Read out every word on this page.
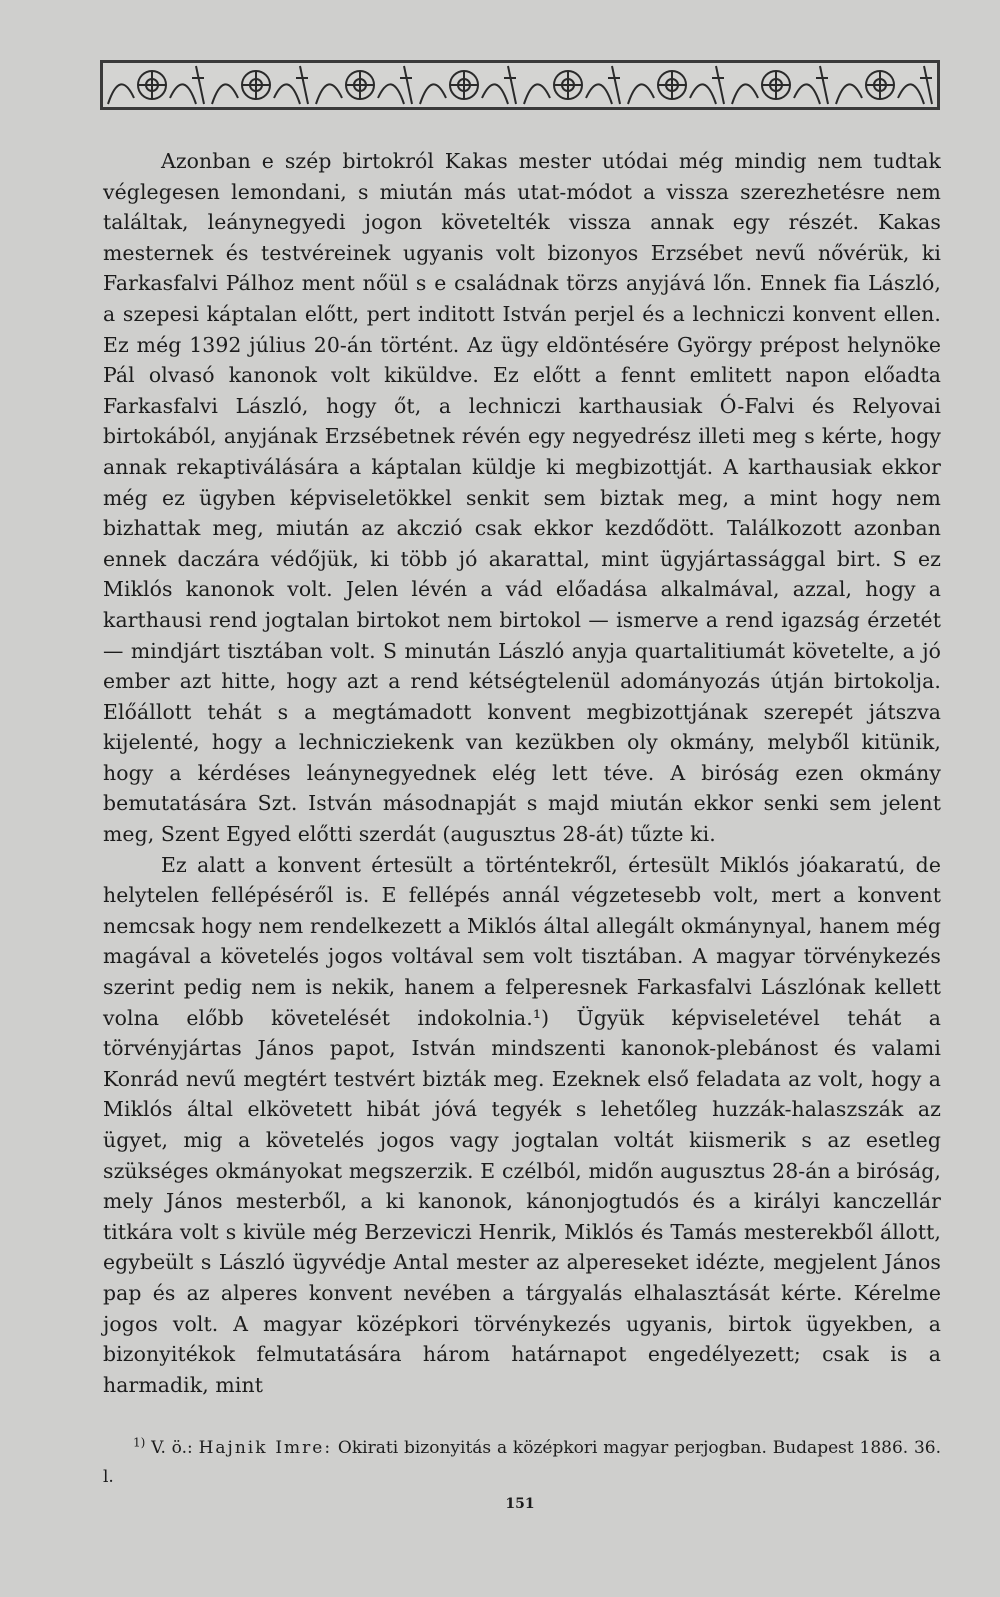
Azonban e szép birtokról Kakas mester utódai még mindig nem tudtak véglegesen lemondani, s miután más utat-módot a vissza szerezhetésre nem találtak, leánynegyedi jogon követelték vissza annak egy részét. Kakas mesternek és testvéreinek ugyanis volt bizonyos Erzsébet nevű nővérük, ki Farkasfalvi Pálhoz ment nőül s e családnak törzs anyjává lőn. Ennek fia László, a szepesi káptalan előtt, pert inditott István perjel és a lechniczi konvent ellen. Ez még 1392 július 20-án történt. Az ügy eldöntésére György prépost helynöke Pál olvasó kanonok volt kiküldve. Ez előtt a fennt emlitett napon előadta Farkasfalvi László, hogy őt, a lechniczi karthausiak Ó-Falvi és Relyovai birtokából, anyjának Erzsébetnek révén egy negyedrész illeti meg s kérte, hogy annak rekaptiválására a káptalan küldje ki megbizottját. A karthausiak ekkor még ez ügyben képviseletökkel senkit sem biztak meg, a mint hogy nem bizhattak meg, miután az akczió csak ekkor kezdődött. Találkozott azonban ennek daczára védőjük, ki több jó akarattal, mint ügyjártassággal birt. S ez Miklós kanonok volt. Jelen lévén a vád előadása alkalmával, azzal, hogy a karthausi rend jogtalan birtokot nem birtokol — ismerve a rend igazság érzetét — mindjárt tisztában volt. S minután László anyja quartalitiumát követelte, a jó ember azt hitte, hogy azt a rend kétségtelenül adományozás útján birtokolja. Előállott tehát s a megtámadott konvent megbizottjának szerepét játszva kijelenté, hogy a lechnicziekenk van kezükben oly okmány, melyből kitünik, hogy a kérdéses leánynegyednek elég lett téve. A biróság ezen okmány bemutatására Szt. István másodnapját s majd miután ekkor senki sem jelent meg, Szent Egyed előtti szerdát (augusztus 28-át) tűzte ki.

Ez alatt a konvent értesült a történtekről, értesült Miklós jóakaratú, de helytelen fellépéséről is. E fellépés annál végzetesebb volt, mert a konvent nemcsak hogy nem rendelkezett a Miklós által allegált okmánynyal, hanem még magával a követelés jogos voltával sem volt tisztában. A magyar törvénykezés szerint pedig nem is nekik, hanem a felperesnek Farkasfalvi Lászlónak kellett volna előbb követelését indokolnia.¹) Ügyük képviseletével tehát a törvényjártas János papot, István mindszenti kanonok-plebánost és valami Konrád nevű megtért testvért bizták meg. Ezeknek első feladata az volt, hogy a Miklós által elkövetett hibát jóvá tegyék s lehetőleg huzzák-halaszszák az ügyet, mig a követelés jogos vagy jogtalan voltát kiismerik s az esetleg szükséges okmányokat megszerzik. E czélból, midőn augusztus 28-án a biróság, mely János mesterből, a ki kanonok, kánonjogtudós és a királyi kanczellár titkára volt s kivüle még Berzeviczi Henrik, Miklós és Tamás mesterekből állott, egybeült s László ügyvédje Antal mester az alpereseket idézte, megjelent János pap és az alperes konvent nevében a tárgyalás elhalasztását kérte. Kérelme jogos volt. A magyar középkori törvénykezés ugyanis, birtok ügyekben, a bizonyitékok felmutatására három határnapot engedélyezett; csak is a harmadik, mint

$^{1)}$ V. ö.: Hajnik Imre: Okirati bizonyitás a középkori magyar perjogban. Budapest 1886. 36. l.

151
